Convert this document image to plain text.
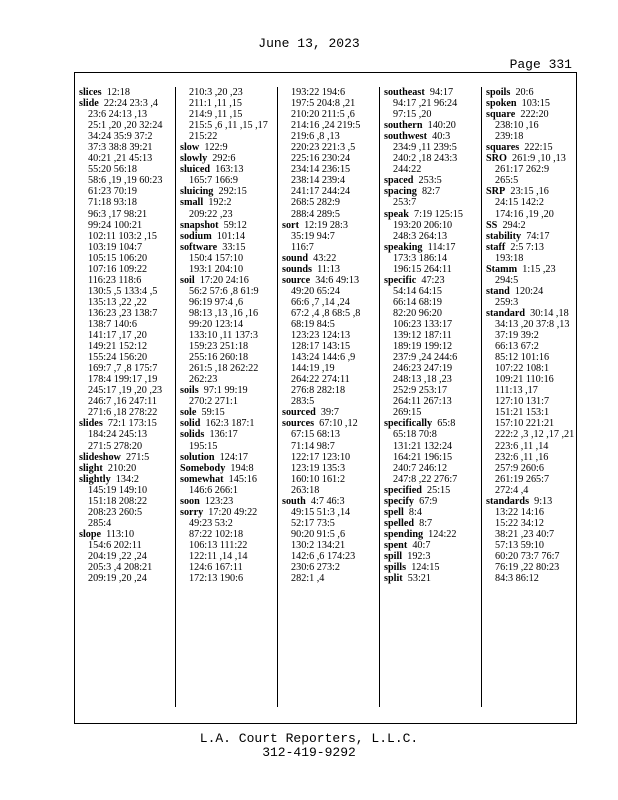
June 13, 2023
Page 331
slices 12:18
slide 22:24 23:3 ,4
23:6 24:13 ,13
25:1 ,20 ,20 32:24
34:24 35:9 37:2
37:3 38:8 39:21
40:21 ,21 45:13
55:20 56:18
58:6 ,19 ,19 60:23
61:23 70:19
71:18 93:18
96:3 ,17 98:21
99:24 100:21
102:11 103:2 ,15
103:19 104:7
105:15 106:20
107:16 109:22
116:23 118:6
130:5 ,5 133:4 ,5
135:13 ,22 ,22
136:23 ,23 138:7
138:7 140:6
141:17 ,17 ,20
149:21 152:12
155:24 156:20
169:7 ,7 ,8 175:7
178:4 199:17 ,19
245:17 ,19 ,20 ,23
246:7 ,16 247:11
271:6 ,18 278:22
slides 72:1 173:15
184:24 245:13
271:5 278:20
slideshow 271:5
slight 210:20
slightly 134:2
145:19 149:10
151:18 208:22
208:23 260:5
285:4
slope 113:10
154:6 202:11
204:19 ,22 ,24
205:3 ,4 208:21
209:19 ,20 ,24
210:3 ,20 ,23
211:1 ,11 ,15
214:9 ,11 ,15
215:5 ,6 ,11 ,15 ,17
215:22
slow 122:9
slowly 292:6
sluiced 163:13
165:7 166:9
sluicing 292:15
small 192:2
209:22 ,23
snapshot 59:12
sodium 101:14
software 33:15
150:4 157:10
193:1 204:10
soil 17:20 24:16
56:2 57:6 ,8 61:9
96:19 97:4 ,6
98:13 ,13 ,16 ,16
99:20 123:14
133:10 ,11 137:3
159:23 251:18
255:16 260:18
261:5 ,18 262:22
262:23
soils 97:1 99:19
270:2 271:1
sole 59:15
solid 162:3 187:1
solids 136:17
195:15
solution 124:17
Somebody 194:8
somewhat 145:16
146:6 266:1
soon 123:23
sorry 17:20 49:22
49:23 53:2
87:22 102:18
106:13 111:22
122:11 ,14 ,14
124:6 167:11
172:13 190:6
193:22 194:6
197:5 204:8 ,21
210:20 211:5 ,6
214:16 ,24 219:5
219:6 ,8 ,13
220:23 221:3 ,5
225:16 230:24
234:14 236:15
238:14 239:4
241:17 244:24
268:5 282:9
288:4 289:5
sort 12:19 28:3
35:19 94:7
116:7
sound 43:22
sounds 11:13
source 34:6 49:13
49:20 65:24
66:6 ,7 ,14 ,24
67:2 ,4 ,8 68:5 ,8
68:19 84:5
123:23 124:13
128:17 143:15
143:24 144:6 ,9
144:19 ,19
264:22 274:11
276:8 282:18
283:5
sourced 39:7
sources 67:10 ,12
67:15 68:13
71:14 98:7
122:17 123:10
123:19 135:3
160:10 161:2
263:18
south 4:7 46:3
49:15 51:3 ,14
52:17 73:5
90:20 91:5 ,6
130:2 134:21
142:6 ,6 174:23
230:6 273:2
282:1 ,4
southeast 94:17
94:17 ,21 96:24
97:15 ,20
southern 140:20
southwest 40:3
234:9 ,11 239:5
240:2 ,18 243:3
244:22
spaced 253:5
spacing 82:7
253:7
speak 7:19 125:15
193:20 206:10
248:3 264:13
speaking 114:17
173:3 186:14
196:15 264:11
specific 47:23
54:14 64:15
66:14 68:19
82:20 96:20
106:23 133:17
139:12 187:11
189:19 199:12
237:9 ,24 244:6
246:23 247:19
248:13 ,18 ,23
252:9 253:17
264:11 267:13
269:15
specifically 65:8
65:18 70:8
131:21 132:24
164:21 196:15
240:7 246:12
247:8 ,22 276:7
specified 25:15
specify 67:9
spell 8:4
spelled 8:7
spending 124:22
spent 40:7
spill 192:3
spills 124:15
split 53:21
spoils 20:6
spoken 103:15
square 222:20
238:10 ,16
239:18
squares 222:15
SRO 261:9 ,10 ,13
261:17 262:9
265:5
SRP 23:15 ,16
24:15 142:2
174:16 ,19 ,20
SS 294:2
stability 74:17
staff 2:5 7:13
193:18
Stamm 1:15 ,23
294:5
stand 120:24
259:3
standard 30:14 ,18
34:13 ,20 37:8 ,13
37:19 39:2
66:13 67:2
85:12 101:16
107:22 108:1
109:21 110:16
111:13 ,17
127:10 131:7
151:21 153:1
157:10 221:21
222:2 ,3 ,12 ,17 ,21
223:6 ,11 ,14
232:6 ,11 ,16
257:9 260:6
261:19 265:7
272:4 ,4
standards 9:13
13:22 14:16
15:22 34:12
38:21 ,23 40:7
57:13 59:10
60:20 73:7 76:7
76:19 ,22 80:23
84:3 86:12
L.A. Court Reporters, L.L.C.
312-419-9292
